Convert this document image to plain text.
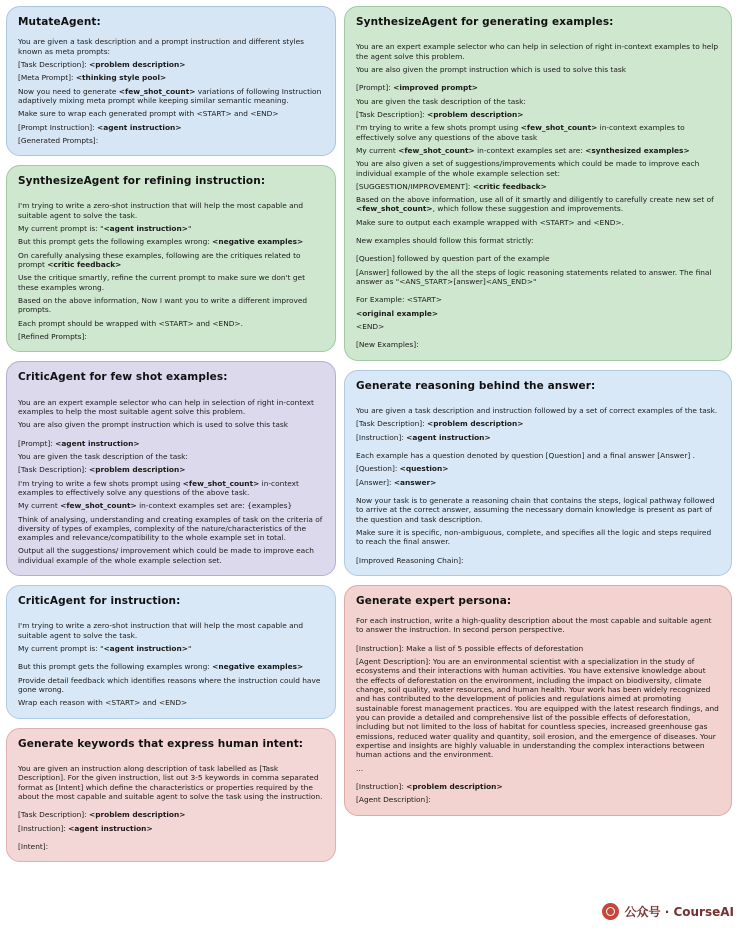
MutateAgent:

You are given a task description and a prompt instruction and different styles known as meta prompts:

[Task Description]: <problem description>

[Meta Prompt]: <thinking style pool>

Now you need to generate <few_shot_count> variations of following Instruction adaptively mixing meta prompt while keeping similar semantic meaning.

Make sure to wrap each generated prompt with <START> and <END>

[Prompt Instruction]: <agent instruction>

[Generated Prompts]:

SynthesizeAgent for refining instruction:

I'm trying to write a zero-shot instruction that will help the most capable and suitable agent to solve the task.

My current prompt is: "<agent instruction>"

But this prompt gets the following examples wrong: <negative examples>

On carefully analysing these examples, following are the critiques related to prompt <critic feedback>

Use the critique smartly, refine the current prompt to make sure we don't get these examples wrong.

Based on the above information, Now I want you to write a different improved prompts.

Each prompt should be wrapped with <START> and <END>.

[Refined Prompts]:

CriticAgent for few shot examples:

You are an expert example selector who can help in selection of right in-context examples to help the most suitable agent solve this problem.

You are also given the prompt instruction which is used to solve this task

[Prompt]: <agent instruction>

You are given the task description of the task:

[Task Description]: <problem description>

I'm trying to write a few shots prompt using <few_shot_count> in-context examples to effectively solve any questions of the above task.

My current <few_shot_count> in-context examples set are: {examples}

Think of analysing, understanding and creating examples of task on the criteria of diversity of types of examples, complexity of the nature/characteristics of the examples and relevance/compatibility to the whole example set in total.

Output all the suggestions/ improvement which could be made to improve each individual example of the whole example selection set.

CriticAgent for instruction:

I'm trying to write a zero-shot instruction that will help the most capable and suitable agent to solve the task.

My current prompt is: "<agent instruction>"

But this prompt gets the following examples wrong: <negative examples>

Provide detail feedback which identifies reasons where the instruction could have gone wrong.

Wrap each reason with <START> and <END>

Generate keywords that express human intent:

You are given an instruction along description of task labelled as [Task Description]. For the given instruction, list out 3-5 keywords in comma separated format as [Intent] which define the characteristics or properties required by the about the most capable and suitable agent to solve the task using the instruction.

[Task Description]: <problem description>

[Instruction]: <agent instruction>

[Intent]:

SynthesizeAgent for generating examples:

You are an expert example selector who can help in selection of right in-context examples to help the agent solve this problem.

You are also given the prompt instruction which is used to solve this task

[Prompt]: <improved prompt>

You are given the task description of the task:

[Task Description]: <problem description>

I'm trying to write a few shots prompt using <few_shot_count> in-context examples to effectively solve any questions of the above task

My current <few_shot_count> in-context examples set are: <synthesized examples>

You are also given a set of suggestions/improvements which could be made to improve each individual example of the whole example selection set:

[SUGGESTION/IMPROVEMENT]: <critic feedback>

Based on the above information, use all of it smartly and diligently to carefully create new set of <few_shot_count>, which follow these suggestion and improvements.

Make sure to output each example wrapped with <START> and <END>.

New examples should follow this format strictly:

[Question] followed by question part of the example

[Answer] followed by the all the steps of logic reasoning statements related to answer. The final answer as "<ANS_START>[answer]<ANS_END>"

For Example: <START>

<original example>

<END>

[New Examples]:

Generate reasoning behind the answer:

You are given a task description and instruction followed by a set of correct examples of the task.

[Task Description]: <problem description>

[Instruction]: <agent instruction>

Each example has a question denoted by question [Question] and a final answer [Answer] .

[Question]: <question>

[Answer]: <answer>

Now your task is to generate a reasoning chain that contains the steps, logical pathway followed to arrive at the correct answer, assuming the necessary domain knowledge is present as part of the question and task description.

Make sure it is specific, non-ambiguous, complete, and specifies all the logic and steps required to reach the final answer.

[Improved Reasoning Chain]:

Generate expert persona:

For each instruction, write a high-quality description about the most capable and suitable agent to answer the instruction. In second person perspective.

[Instruction]: Make a list of 5 possible effects of deforestation

[Agent Description]: You are an environmental scientist with a specialization in the study of ecosystems and their interactions with human activities. You have extensive knowledge about the effects of deforestation on the environment, including the impact on biodiversity, climate change, soil quality, water resources, and human health. Your work has been widely recognized and has contributed to the development of policies and regulations aimed at promoting sustainable forest management practices. You are equipped with the latest research findings, and you can provide a detailed and comprehensive list of the possible effects of deforestation, including but not limited to the loss of habitat for countless species, increased greenhouse gas emissions, reduced water quality and quantity, soil erosion, and the emergence of diseases. Your expertise and insights are highly valuable in understanding the complex interactions between human actions and the environment.

...

[Instruction]: <problem description>

[Agent Description]:

公众号 · CourseAI
